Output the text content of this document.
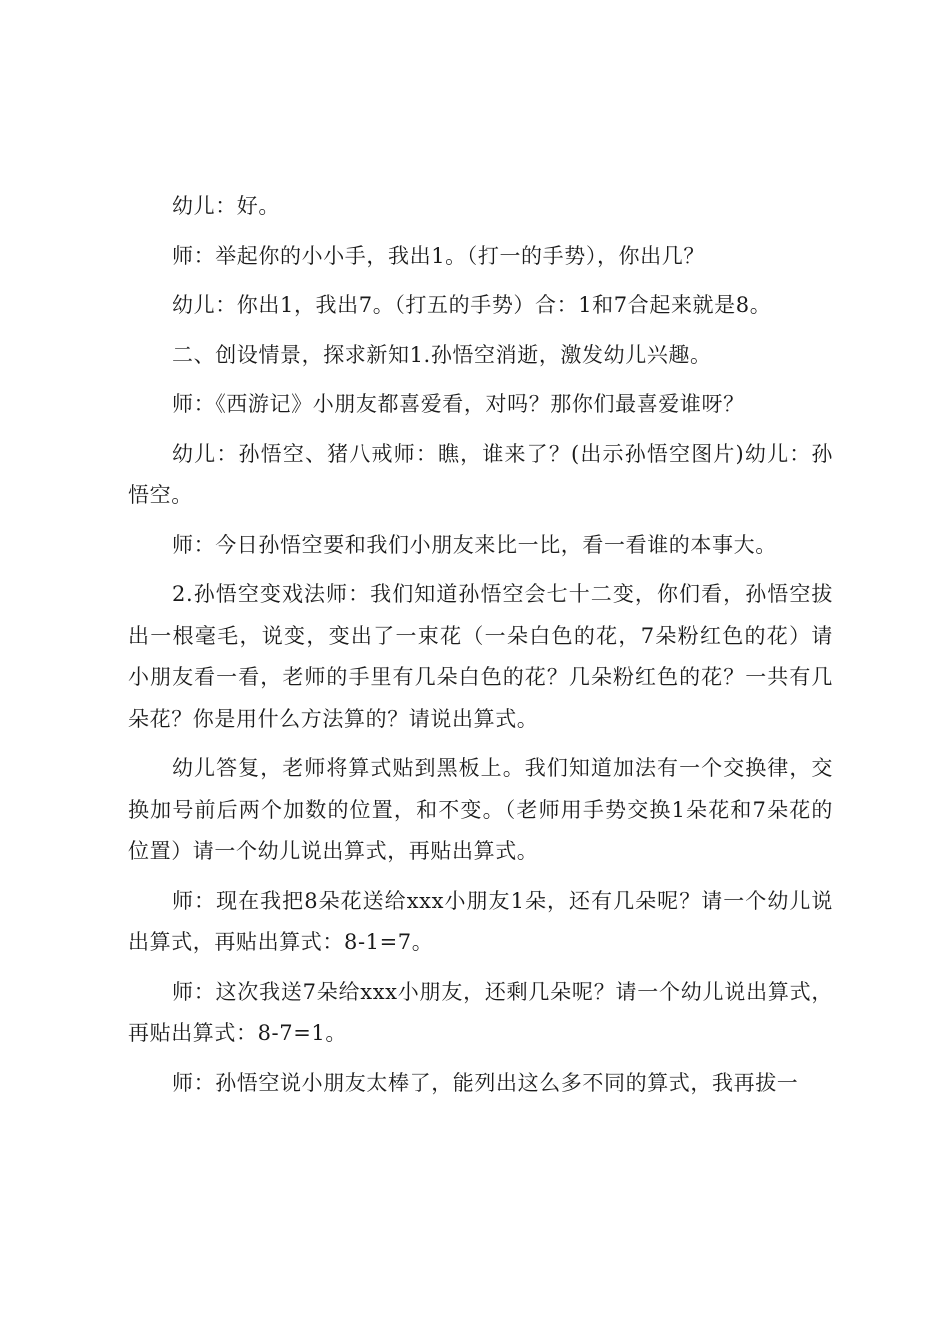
幼儿：好。

师：举起你的小小手，我出1。（打一的手势），你出几？

幼儿：你出1，我出7。（打五的手势）合：1和7合起来就是8。

二、创设情景，探求新知1.孙悟空消逝，激发幼儿兴趣。

师：《西游记》小朋友都喜爱看，对吗？那你们最喜爱谁呀？

幼儿：孙悟空、猪八戒师：瞧，谁来了？(出示孙悟空图片)幼儿：孙悟空。

师：今日孙悟空要和我们小朋友来比一比，看一看谁的本事大。

2.孙悟空变戏法师：我们知道孙悟空会七十二变，你们看，孙悟空拔出一根毫毛，说变，变出了一束花（一朵白色的花，7朵粉红色的花）请小朋友看一看，老师的手里有几朵白色的花？几朵粉红色的花？一共有几朵花？你是用什么方法算的？请说出算式。

幼儿答复，老师将算式贴到黑板上。我们知道加法有一个交换律，交换加号前后两个加数的位置，和不变。（老师用手势交换1朵花和7朵花的位置）请一个幼儿说出算式，再贴出算式。

师：现在我把8朵花送给xxx小朋友1朵，还有几朵呢？请一个幼儿说出算式，再贴出算式：8-1=7。

师：这次我送7朵给xxx小朋友，还剩几朵呢？请一个幼儿说出算式，再贴出算式：8-7=1。

师：孙悟空说小朋友太棒了，能列出这么多不同的算式，我再拔一
